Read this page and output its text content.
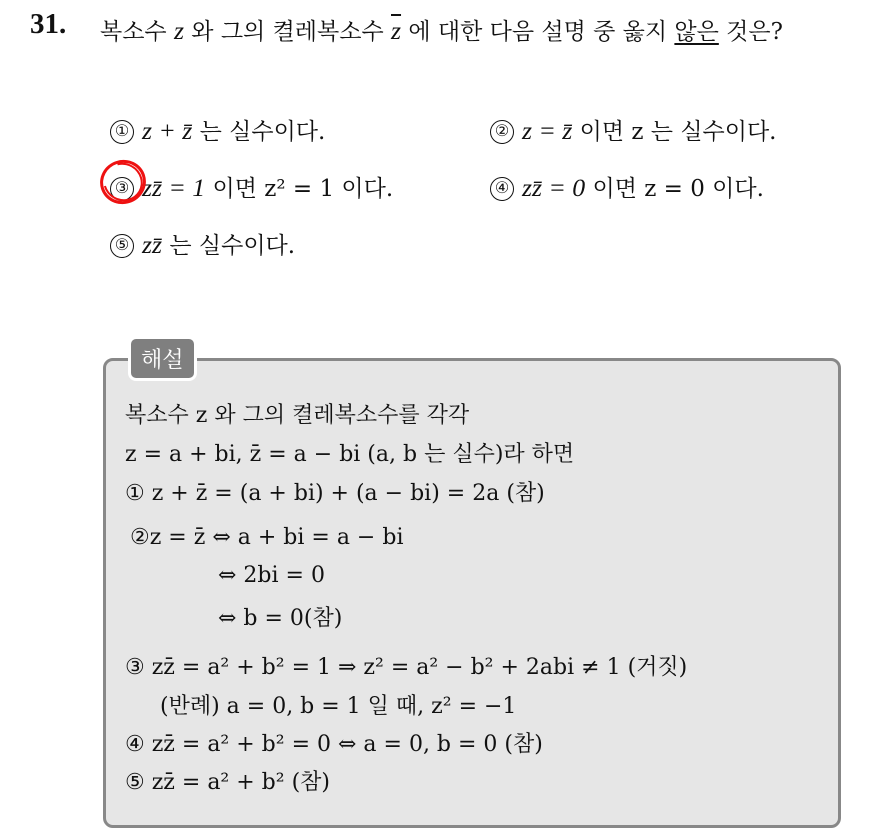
31. 복소수 z 와 그의 켤레복소수 $\overline{z}$ 에 대한 다음 설명 중 옳지 않은 것은?
① z + z̄ 는 실수이다.	② z = z̄ 이면 z 는 실수이다.
③ zz̄ = 1 이면 z² = 1 이다.	④ zz̄ = 0 이면 z = 0 이다.
⑤ zz̄ 는 실수이다.
해설
복소수 z 와 그의 켤레복소수를 각각
z = a + bi, z̄ = a − bi (a, b 는 실수)라 하면
① z + z̄ = (a + bi) + (a − bi) = 2a (참)
②z = z̄ ⇔ a + bi = a − bi
⇔ 2bi = 0
⇔ b = 0(참)
③ zz̄ = a² + b² = 1 ⇒ z² = a² − b² + 2abi ≠ 1 (거짓)
(반례) a = 0, b = 1 일 때, z² = −1
④ zz̄ = a² + b² = 0 ⇔ a = 0, b = 0 (참)
⑤ zz̄ = a² + b² (참)
